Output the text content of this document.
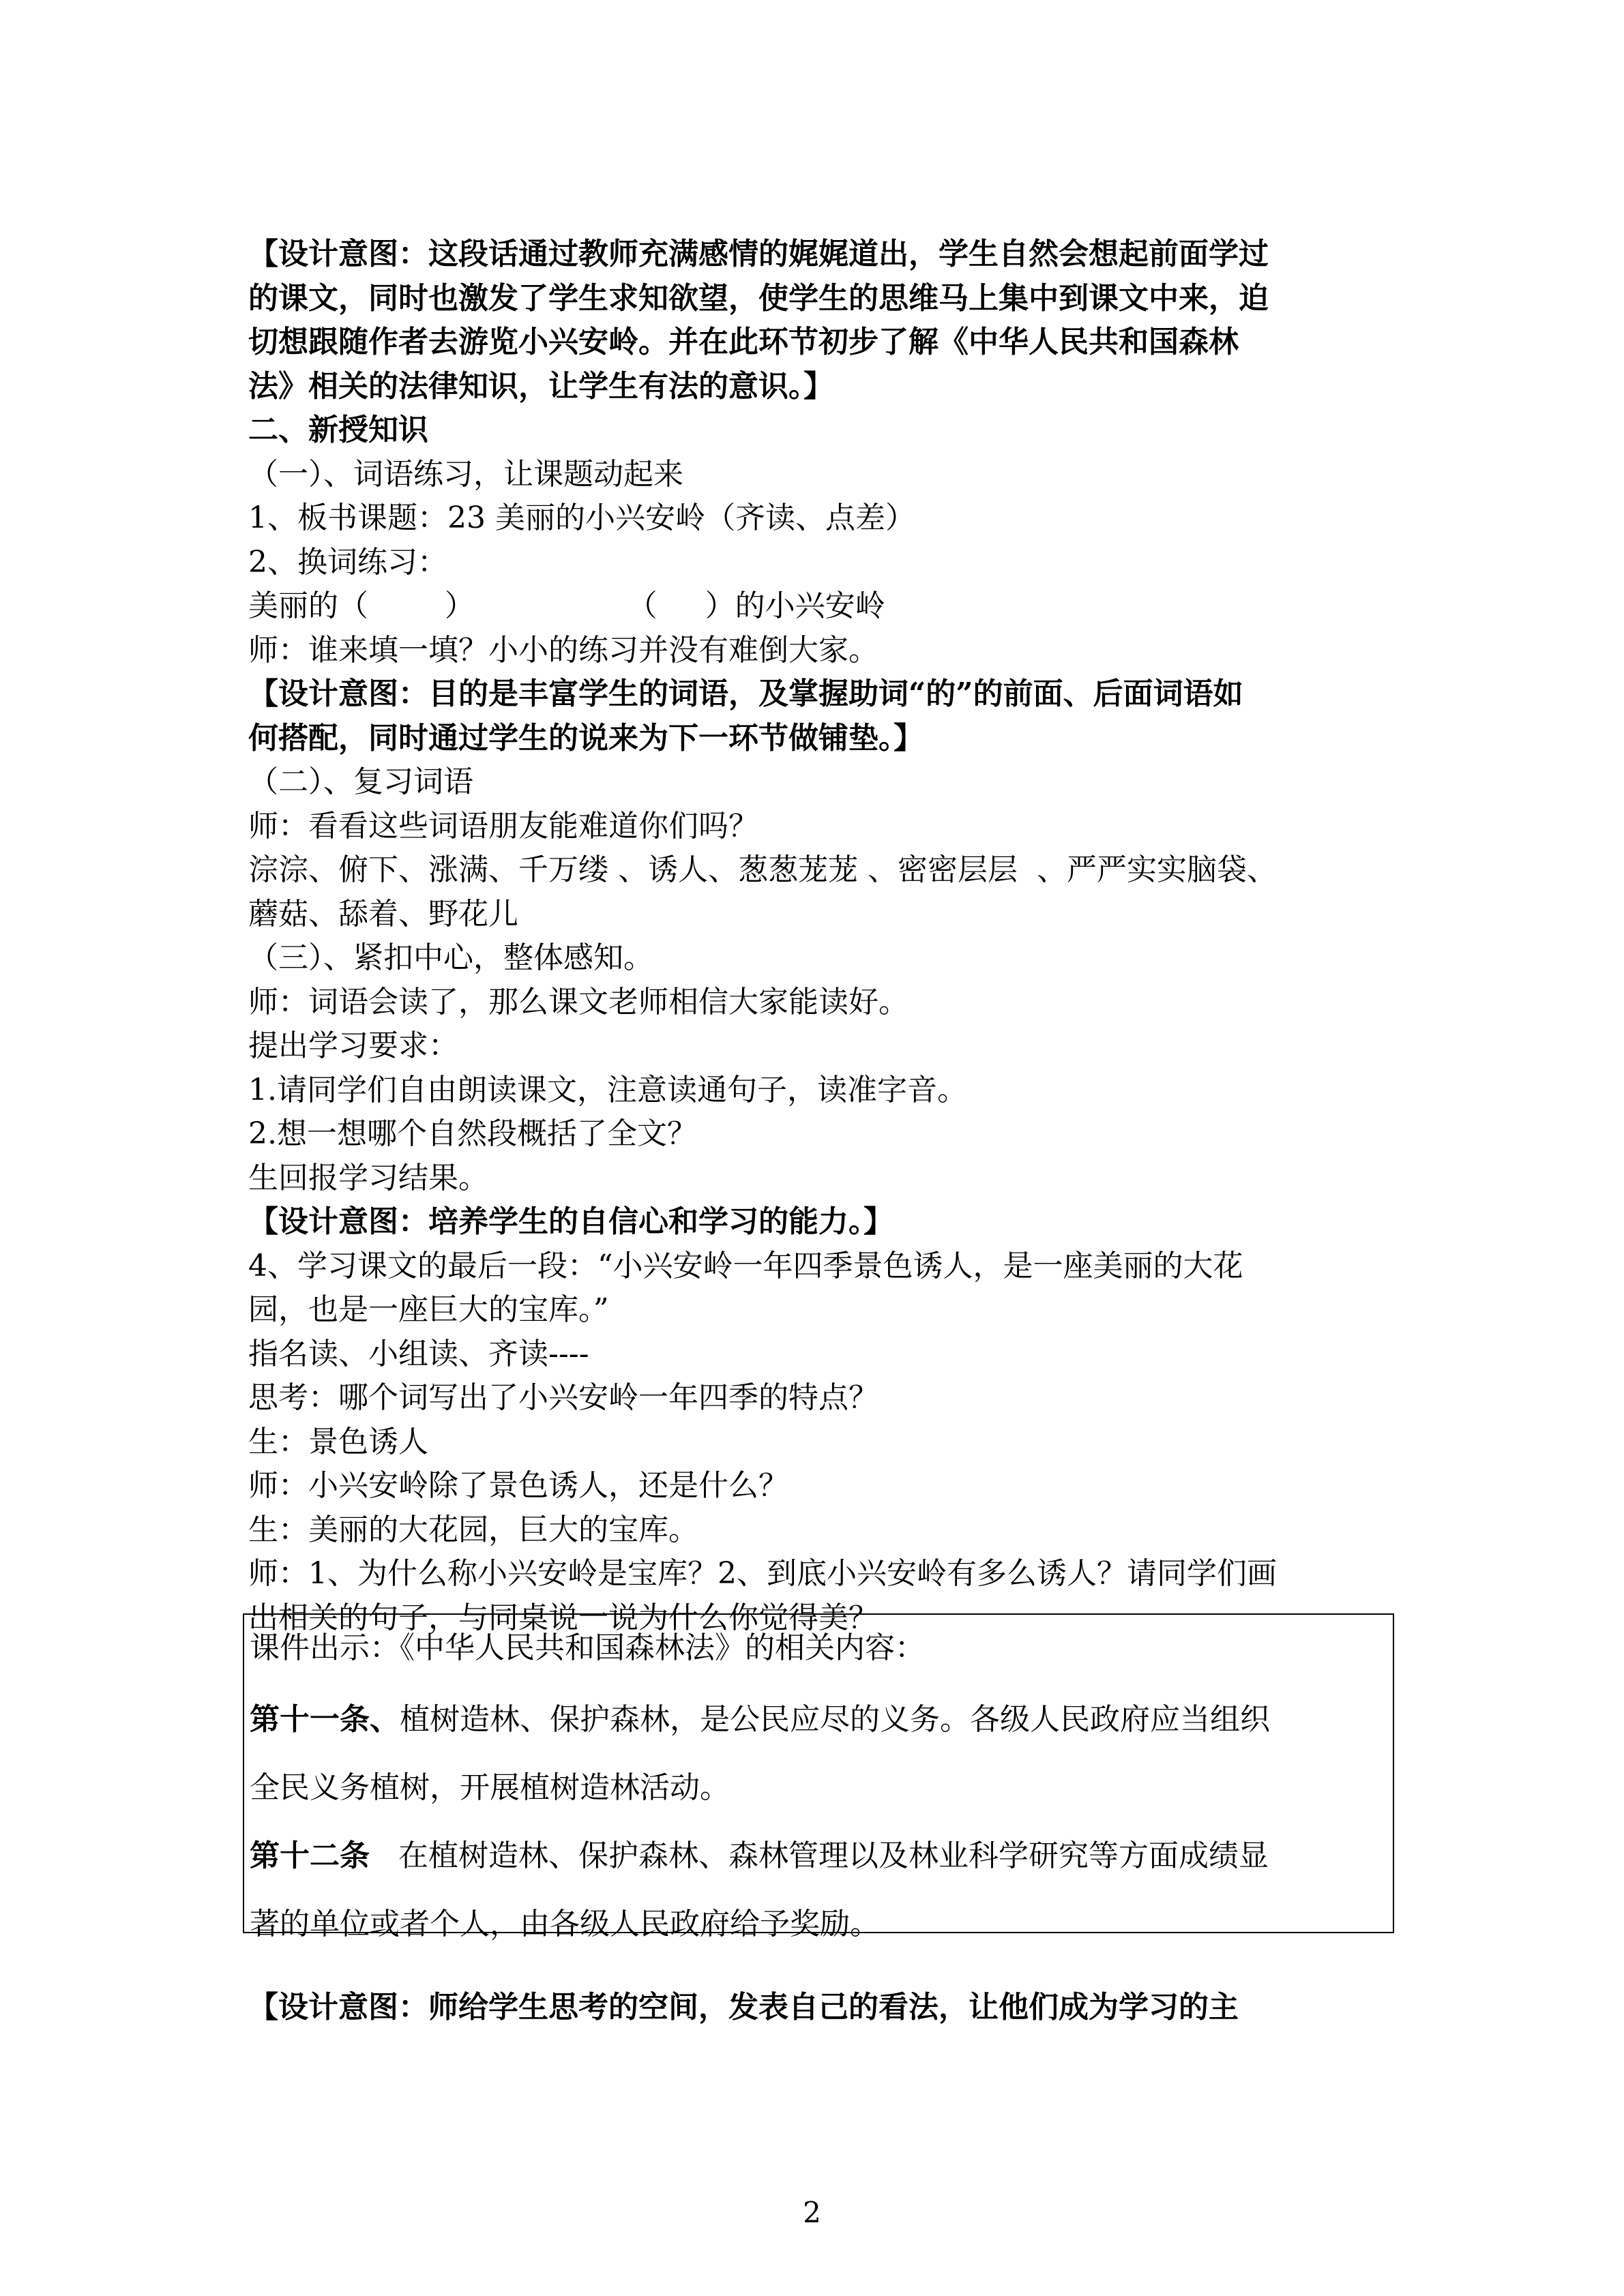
【设计意图：这段话通过教师充满感情的娓娓道出，学生自然会想起前面学过
的课文，同时也激发了学生求知欲望，使学生的思维马上集中到课文中来，迫
切想跟随作者去游览小兴安岭。并在此环节初步了解《中华人民共和国森林
法》相关的法律知识，让学生有法的意识。】
二、新授知识
（一）、词语练习，让课题动起来
1、板书课题：23 美丽的小兴安岭（齐读、点差）
2、换词练习：
美丽的（        ）                （     ）的小兴安岭
师：谁来填一填？小小的练习并没有难倒大家。
【设计意图：目的是丰富学生的词语，及掌握助词“的”的前面、后面词语如
何搭配，同时通过学生的说来为下一环节做铺垫。】
（二）、复习词语
师：看看这些词语朋友能难道你们吗？
淙淙、俯下、涨满、千万缕 、诱人、葱葱茏茏 、密密层层  、严严实实脑袋、
蘑菇、舔着、野花儿
（三）、紧扣中心，整体感知。
师：词语会读了，那么课文老师相信大家能读好。
提出学习要求：
1.请同学们自由朗读课文，注意读通句子，读准字音。
2.想一想哪个自然段概括了全文？
生回报学习结果。
【设计意图：培养学生的自信心和学习的能力。】
4、学习课文的最后一段：“小兴安岭一年四季景色诱人，是一座美丽的大花
园，也是一座巨大的宝库。”
指名读、小组读、齐读----
思考：哪个词写出了小兴安岭一年四季的特点？
生：景色诱人
师：小兴安岭除了景色诱人，还是什么？
生：美丽的大花园，巨大的宝库。
师：1、为什么称小兴安岭是宝库？2、到底小兴安岭有多么诱人？请同学们画
出相关的句子，与同桌说一说为什么你觉得美？
课件出示：《中华人民共和国森林法》的相关内容：
第十一条、植树造林、保护森林，是公民应尽的义务。各级人民政府应当组织
全民义务植树，开展植树造林活动。
第十二条   在植树造林、保护森林、森林管理以及林业科学研究等方面成绩显
著的单位或者个人，由各级人民政府给予奖励。
【设计意图：师给学生思考的空间，发表自己的看法，让他们成为学习的主
2
